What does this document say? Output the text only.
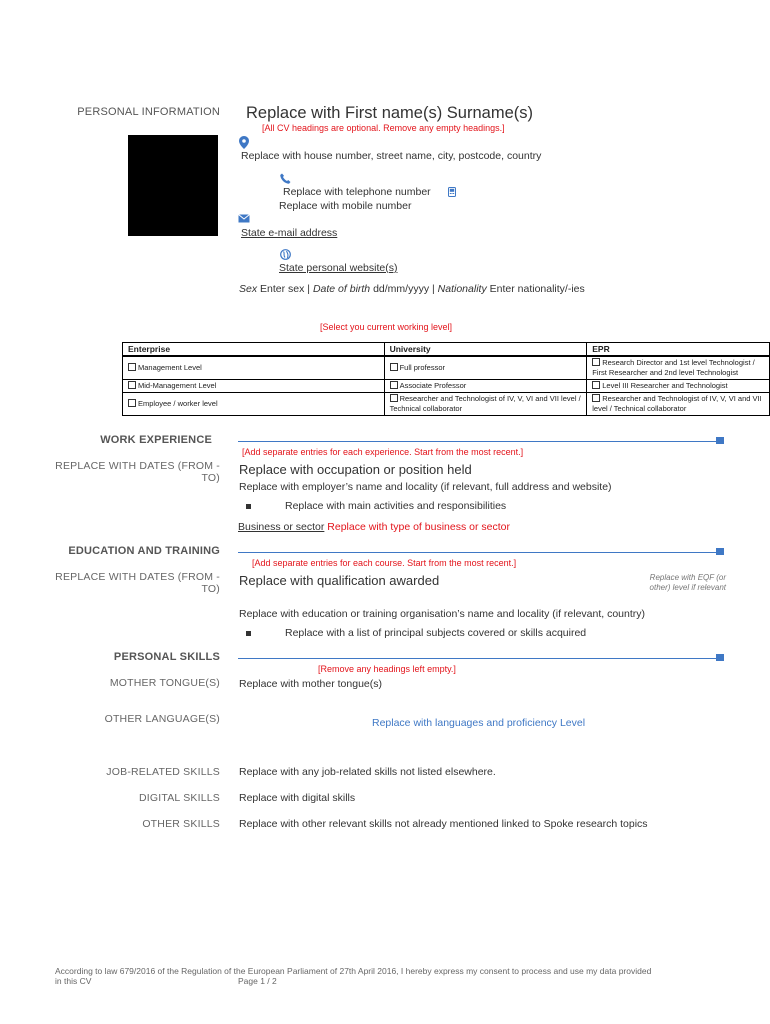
PERSONAL INFORMATION Replace with First name(s) Surname(s)
[All CV headings are optional. Remove any empty headings.]
Replace with house number, street name, city, postcode, country
Replace with telephone number
Replace with mobile number
State e-mail address
State personal website(s)
Sex Enter sex | Date of birth dd/mm/yyyy | Nationality Enter nationality/-ies
[Select you current working level]
Enterprise	University	EPR
Management Level	Full professor	Research Director and 1st level Technologist / First Researcher and 2nd level Technologist
Mid-Management Level	Associate Professor	Level III Researcher and Technologist
Employee / worker level	Researcher and Technologist of IV, V, VI and VII level / Technical collaborator	Researcher and Technologist of IV, V, VI and VII level / Technical collaborator
WORK EXPERIENCE
[Add separate entries for each experience. Start from the most recent.]
REPLACE WITH DATES (FROM - TO)
Replace with occupation or position held
Replace with employer’s name and locality (if relevant, full address and website)
Replace with main activities and responsibilities
Business or sector Replace with type of business or sector
EDUCATION AND TRAINING
[Add separate entries for each course. Start from the most recent.]
REPLACE WITH DATES (FROM - TO)
Replace with qualification awarded	Replace with EQF (or other) level if relevant
Replace with education or training organisation’s name and locality (if relevant, country)
Replace with a list of principal subjects covered or skills acquired
PERSONAL SKILLS
[Remove any headings left empty.]
MOTHER TONGUE(S) Replace with mother tongue(s)
OTHER LANGUAGE(S)	Replace with languages and proficiency Level
JOB-RELATED SKILLS Replace with any job-related skills not listed elsewhere.
DIGITAL SKILLS Replace with digital skills
OTHER SKILLS Replace with other relevant skills not already mentioned linked to Spoke research topics
According to law 679/2016 of the Regulation of the European Parliament of 27th April 2016, I hereby express my consent to process and use my data provided
in this CV	Page 1 / 2
